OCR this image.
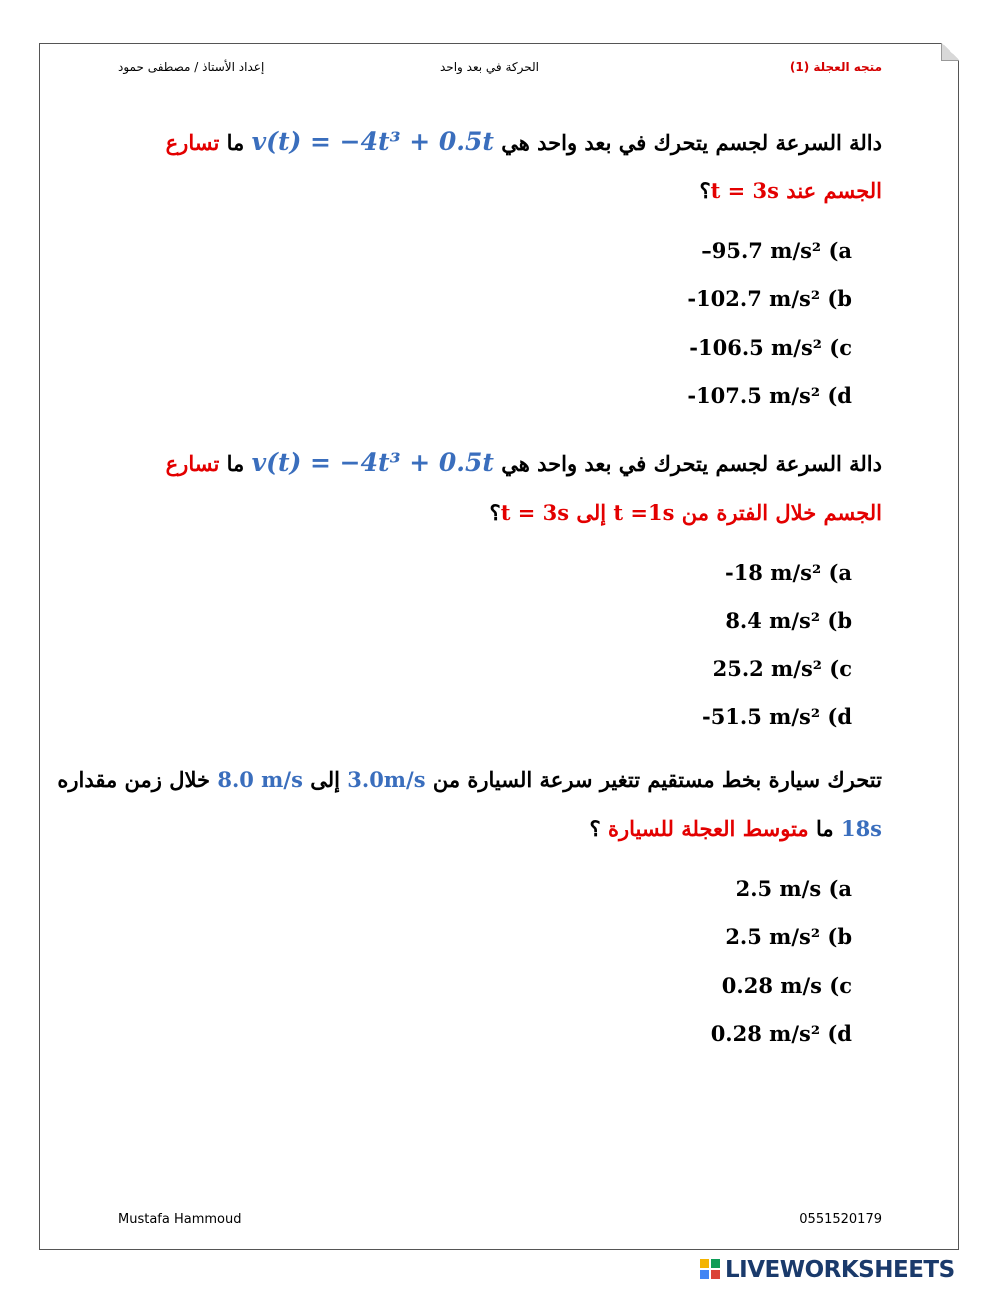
متجه العجلة (1)
الحركة في بعد واحد
إعداد الأستاذ / مصطفى حمود
دالة السرعة لجسم يتحرك في بعد واحد هي v(t) = −4t³ + 0.5t ما تسارع
الجسم عند t = 3s؟
–95.7 m/s² (a
-102.7 m/s² (b
-106.5 m/s² (c
-107.5 m/s² (d
دالة السرعة لجسم يتحرك في بعد واحد هي v(t) = −4t³ + 0.5t ما تسارع
الجسم خلال الفترة من t =1s إلى t = 3s؟
-18 m/s² (a
8.4 m/s² (b
25.2 m/s² (c
-51.5 m/s² (d
تتحرك سيارة بخط مستقيم تتغير سرعة السيارة من 3.0m/s إلى 8.0 m/s خلال زمن مقداره
18s ما متوسط العجلة للسيارة ؟
2.5 m/s (a
2.5 m/s² (b
0.28 m/s (c
0.28 m/s² (d
Mustafa Hammoud	0551520179
LIVEWORKSHEETS
